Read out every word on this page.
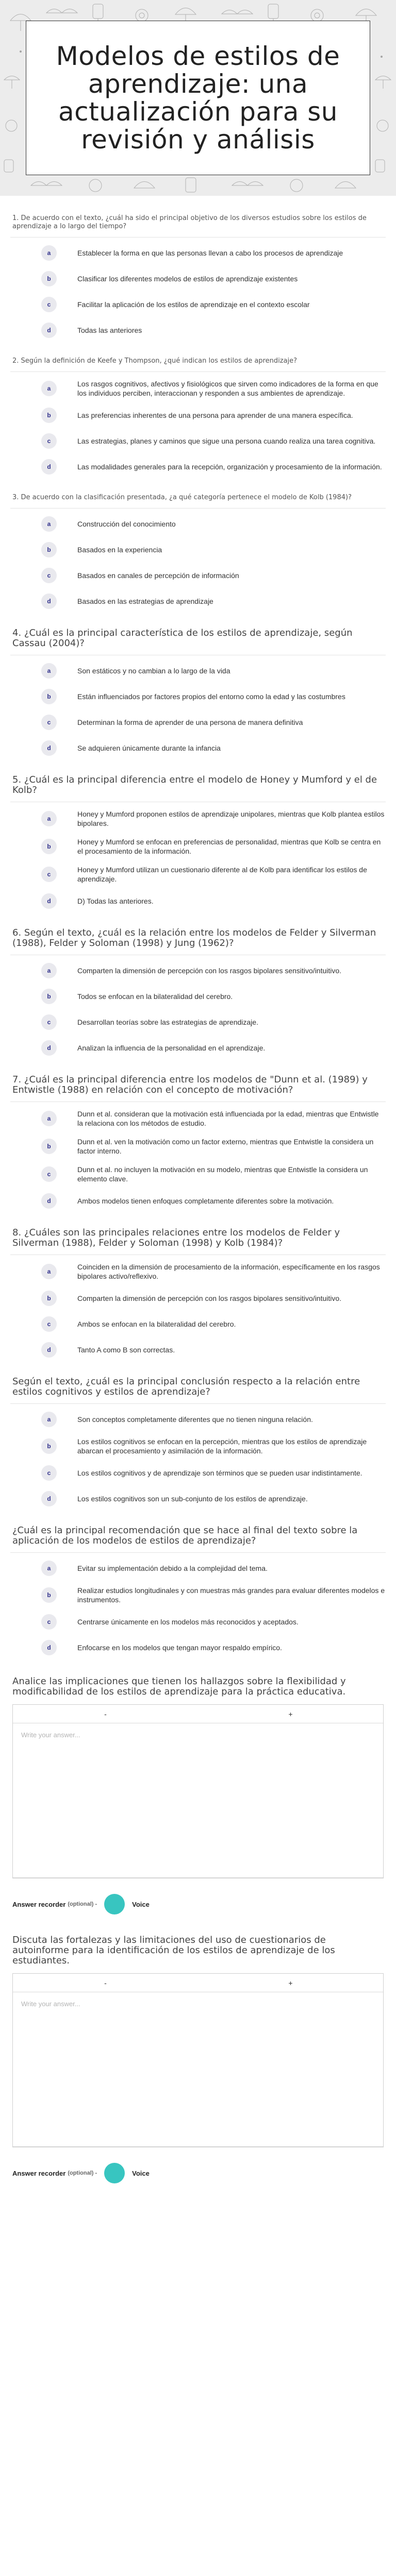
Modelos de estilos de aprendizaje: una actualización para su revisión y análisis
1. De acuerdo con el texto, ¿cuál ha sido el principal objetivo de los diversos estudios sobre los estilos de aprendizaje a lo largo del tiempo?
a	Establecer la forma en que las personas llevan a cabo los procesos de aprendizaje
b	Clasificar los diferentes modelos de estilos de aprendizaje existentes
c	Facilitar la aplicación de los estilos de aprendizaje en el contexto escolar
d	Todas las anteriores
2. Según la definición de Keefe y Thompson, ¿qué indican los estilos de aprendizaje?
a
Los rasgos cognitivos, afectivos y fisiológicos que sirven como indicadores de la forma en que los individuos perciben, interaccionan y responden a sus ambientes de aprendizaje.
b	Las preferencias inherentes de una persona para aprender de una manera específica.
c	Las estrategias, planes y caminos que sigue una persona cuando realiza una tarea cognitiva.
d	Las modalidades generales para la recepción, organización y procesamiento de la información.
3. De acuerdo con la clasificación presentada, ¿a qué categoría pertenece el modelo de Kolb (1984)?
a	Construcción del conocimiento
b	Basados en la experiencia
c	Basados en canales de percepción de información
d	Basados en las estrategias de aprendizaje
4. ¿Cuál es la principal característica de los estilos de aprendizaje, según Cassau (2004)?
a	Son estáticos y no cambian a lo largo de la vida
b	Están influenciados por factores propios del entorno como la edad y las costumbres
c	Determinan la forma de aprender de una persona de manera definitiva
d	Se adquieren únicamente durante la infancia
5. ¿Cuál es la principal diferencia entre el modelo de Honey y Mumford y el de Kolb?
a
Honey y Mumford proponen estilos de aprendizaje unipolares, mientras que Kolb plantea estilos bipolares.
b
Honey y Mumford se enfocan en preferencias de personalidad, mientras que Kolb se centra en el procesamiento de la información.
c
Honey y Mumford utilizan un cuestionario diferente al de Kolb para identificar los estilos de aprendizaje.
d	D) Todas las anteriores.
6. Según el texto, ¿cuál es la relación entre los modelos de Felder y Silverman (1988), Felder y Soloman (1998) y Jung (1962)?
a	Comparten la dimensión de percepción con los rasgos bipolares sensitivo/intuitivo.
b	Todos se enfocan en la bilateralidad del cerebro.
c	Desarrollan teorías sobre las estrategias de aprendizaje.
d	Analizan la influencia de la personalidad en el aprendizaje.
7. ¿Cuál es la principal diferencia entre los modelos de "Dunn et al. (1989) y Entwistle (1988) en relación con el concepto de motivación?
a
Dunn et al. consideran que la motivación está influenciada por la edad, mientras que Entwistle la relaciona con los métodos de estudio.
b
Dunn et al. ven la motivación como un factor externo, mientras que Entwistle la considera un factor interno.
c
Dunn et al. no incluyen la motivación en su modelo, mientras que Entwistle la considera un elemento clave.
d	Ambos modelos tienen enfoques completamente diferentes sobre la motivación.
8. ¿Cuáles son las principales relaciones entre los modelos de Felder y Silverman (1988), Felder y Soloman (1998) y Kolb (1984)?
a
Coinciden en la dimensión de procesamiento de la información, específicamente en los rasgos bipolares activo/reflexivo.
b	Comparten la dimensión de percepción con los rasgos bipolares sensitivo/intuitivo.
c	Ambos se enfocan en la bilateralidad del cerebro.
d	Tanto A como B son correctas.
Según el texto, ¿cuál es la principal conclusión respecto a la relación entre estilos cognitivos y estilos de aprendizaje?
a	Son conceptos completamente diferentes que no tienen ninguna relación.
b
Los estilos cognitivos se enfocan en la percepción, mientras que los estilos de aprendizaje abarcan el procesamiento y asimilación de la información.
c	Los estilos cognitivos y de aprendizaje son términos que se pueden usar indistintamente.
d	Los estilos cognitivos son un sub-conjunto de los estilos de aprendizaje.
¿Cuál es la principal recomendación que se hace al final del texto sobre la aplicación de los modelos de estilos de aprendizaje?
a	Evitar su implementación debido a la complejidad del tema.
b
Realizar estudios longitudinales y con muestras más grandes para evaluar diferentes modelos e instrumentos.
c	Centrarse únicamente en los modelos más reconocidos y aceptados.
d	Enfocarse en los modelos que tengan mayor respaldo empírico.
Analice las implicaciones que tienen los hallazgos sobre la flexibilidad y modificabilidad de los estilos de aprendizaje para la práctica educativa.
-	+
Write your answer...
Answer recorder (optional) -	Voice
Discuta las fortalezas y las limitaciones del uso de cuestionarios de autoinforme para la identificación de los estilos de aprendizaje de los estudiantes.
-	+
Write your answer...
Answer recorder (optional) -	Voice
